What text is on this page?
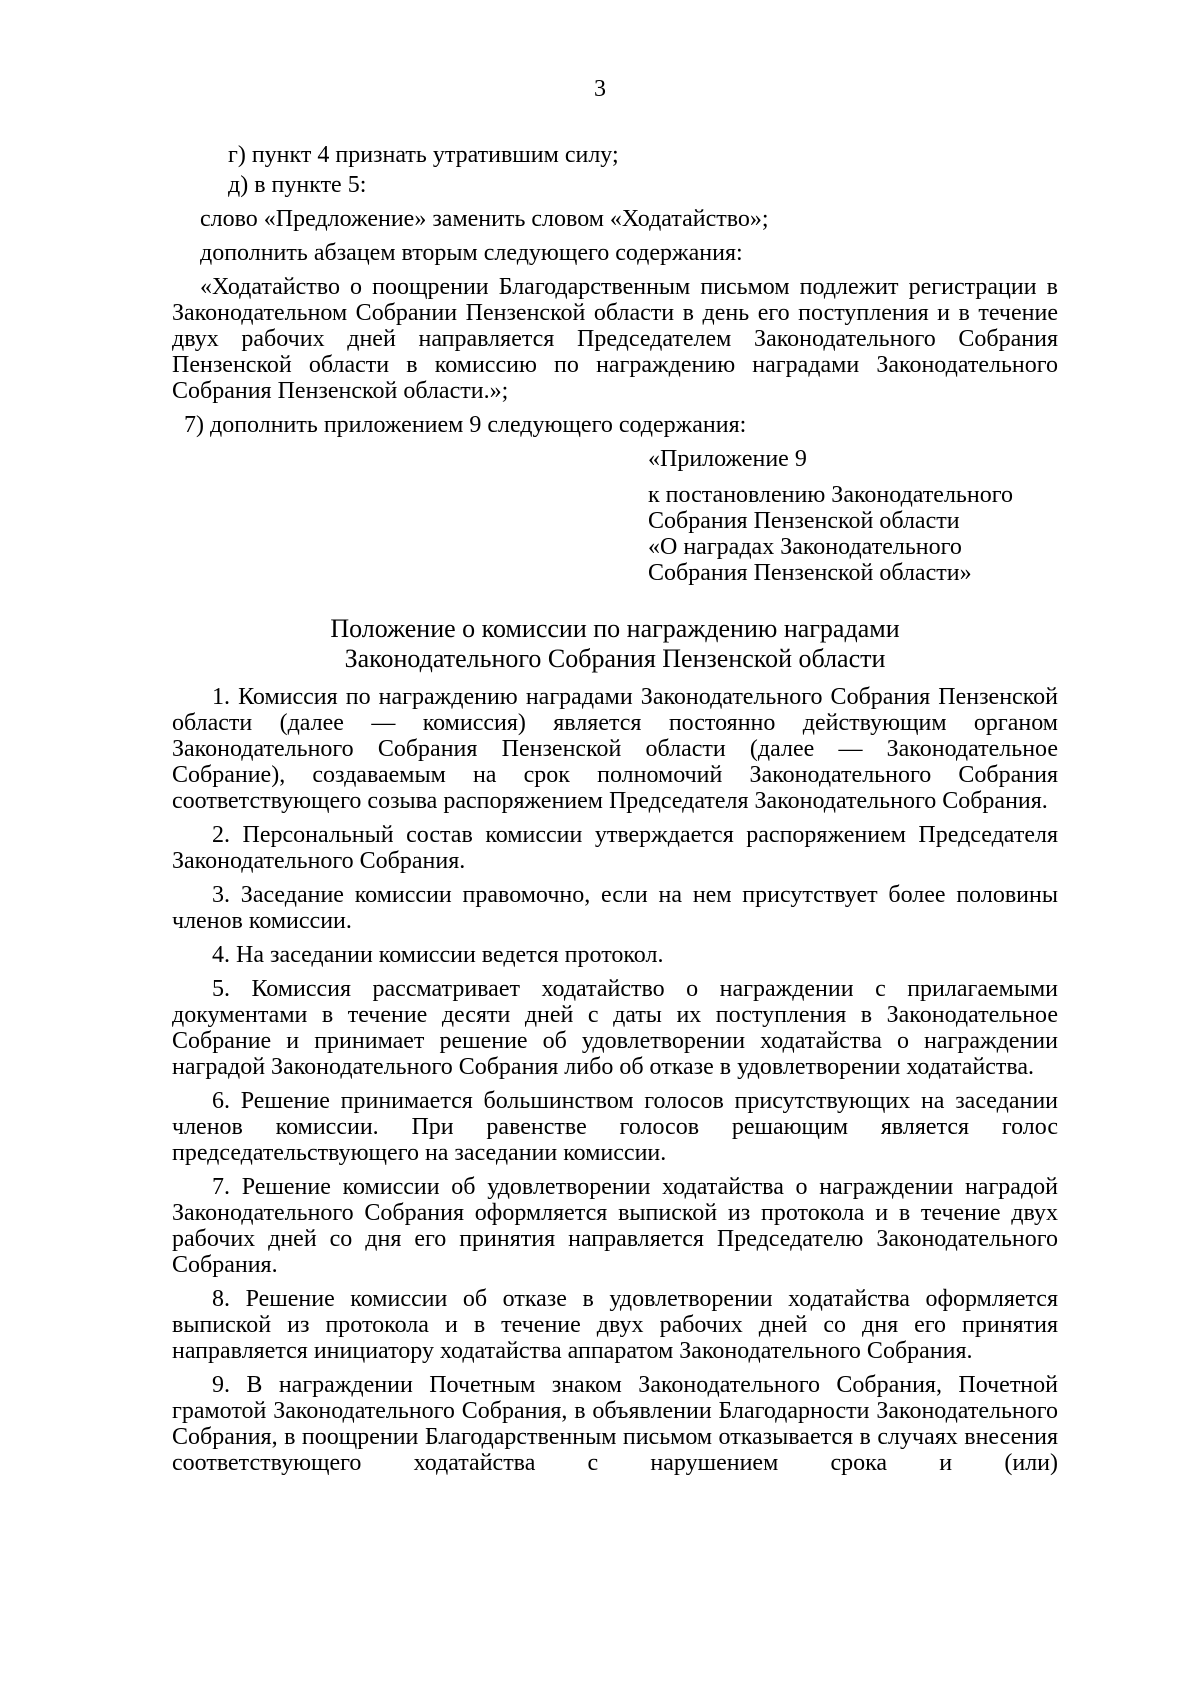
3

г) пункт 4 признать утратившим силу;

д) в пункте 5:

слово «Предложение» заменить словом «Ходатайство»;

дополнить абзацем вторым следующего содержания:

«Ходатайство о поощрении Благодарственным письмом подлежит регистрации в Законодательном Собрании Пензенской области в день его поступления и в течение двух рабочих дней направляется Председателем Законодательного Собрания Пензенской области в комиссию по награждению наградами Законодательного Собрания Пензенской области.»;

7) дополнить приложением 9 следующего содержания:

«Приложение 9
к постановлению Законодательного
Собрания Пензенской области
«О наградах Законодательного
Собрания Пензенской области»
Положение о комиссии по награждению наградами
Законодательного Собрания Пензенской области

1. Комиссия по награждению наградами Законодательного Собрания Пензенской области (далее — комиссия) является постоянно действующим органом Законодательного Собрания Пензенской области (далее — Законодательное Собрание), создаваемым на срок полномочий Законодательного Собрания соответствующего созыва распоряжением Председателя Законодательного Собрания.

2. Персональный состав комиссии утверждается распоряжением Председателя Законодательного Собрания.

3. Заседание комиссии правомочно, если на нем присутствует более половины членов комиссии.

4. На заседании комиссии ведется протокол.

5. Комиссия рассматривает ходатайство о награждении с прилагаемыми документами в течение десяти дней с даты их поступления в Законодательное Собрание и принимает решение об удовлетворении ходатайства о награждении наградой Законодательного Собрания либо об отказе в удовлетворении ходатайства.

6. Решение принимается большинством голосов присутствующих на заседании членов комиссии. При равенстве голосов решающим является голос председательствующего на заседании комиссии.

7. Решение комиссии об удовлетворении ходатайства о награждении наградой Законодательного Собрания оформляется выпиской из протокола и в течение двух рабочих дней со дня его принятия направляется Председателю Законодательного Собрания.

8. Решение комиссии об отказе в удовлетворении ходатайства оформляется выпиской из протокола и в течение двух рабочих дней со дня его принятия направляется инициатору ходатайства аппаратом Законодательного Собрания.

9. В награждении Почетным знаком Законодательного Собрания, Почетной грамотой Законодательного Собрания, в объявлении Благодарности Законодательного Собрания, в поощрении Благодарственным письмом отказывается в случаях внесения соответствующего ходатайства с нарушением срока и (или)
